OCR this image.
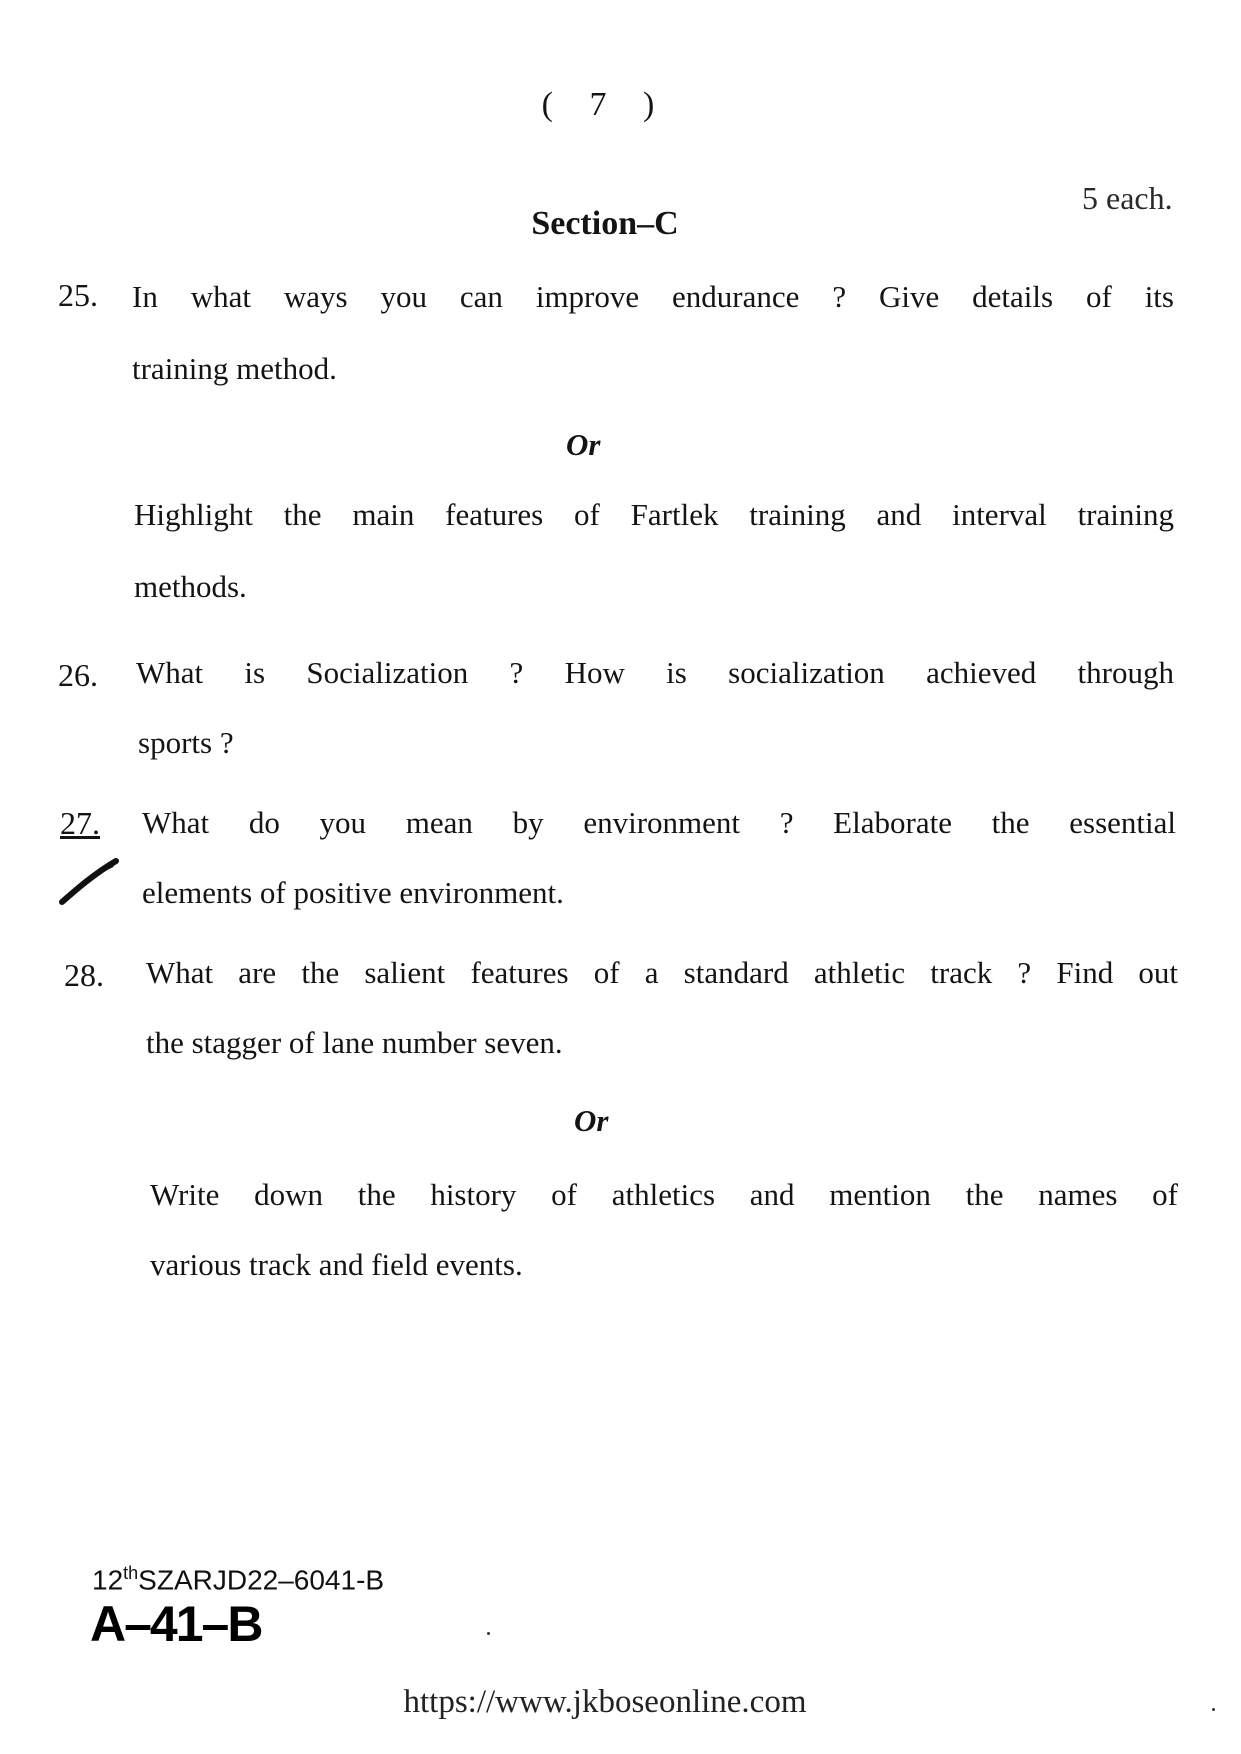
( 7 )
5 each.
Section–C
25. In what ways you can improve endurance ? Give details of its
training method.
Or
Highlight the main features of Fartlek training and interval training
methods.
26. What is Socialization ? How is socialization achieved through
sports ?
27. What do you mean by environment ? Elaborate the essential
elements of positive environment.
28. What are the salient features of a standard athletic track ? Find out
the stagger of lane number seven.
Or
Write down the history of athletics and mention the names of
various track and field events.
12thSZARJD22–6041-B
A–41–B
https://www.jkboseonline.com
